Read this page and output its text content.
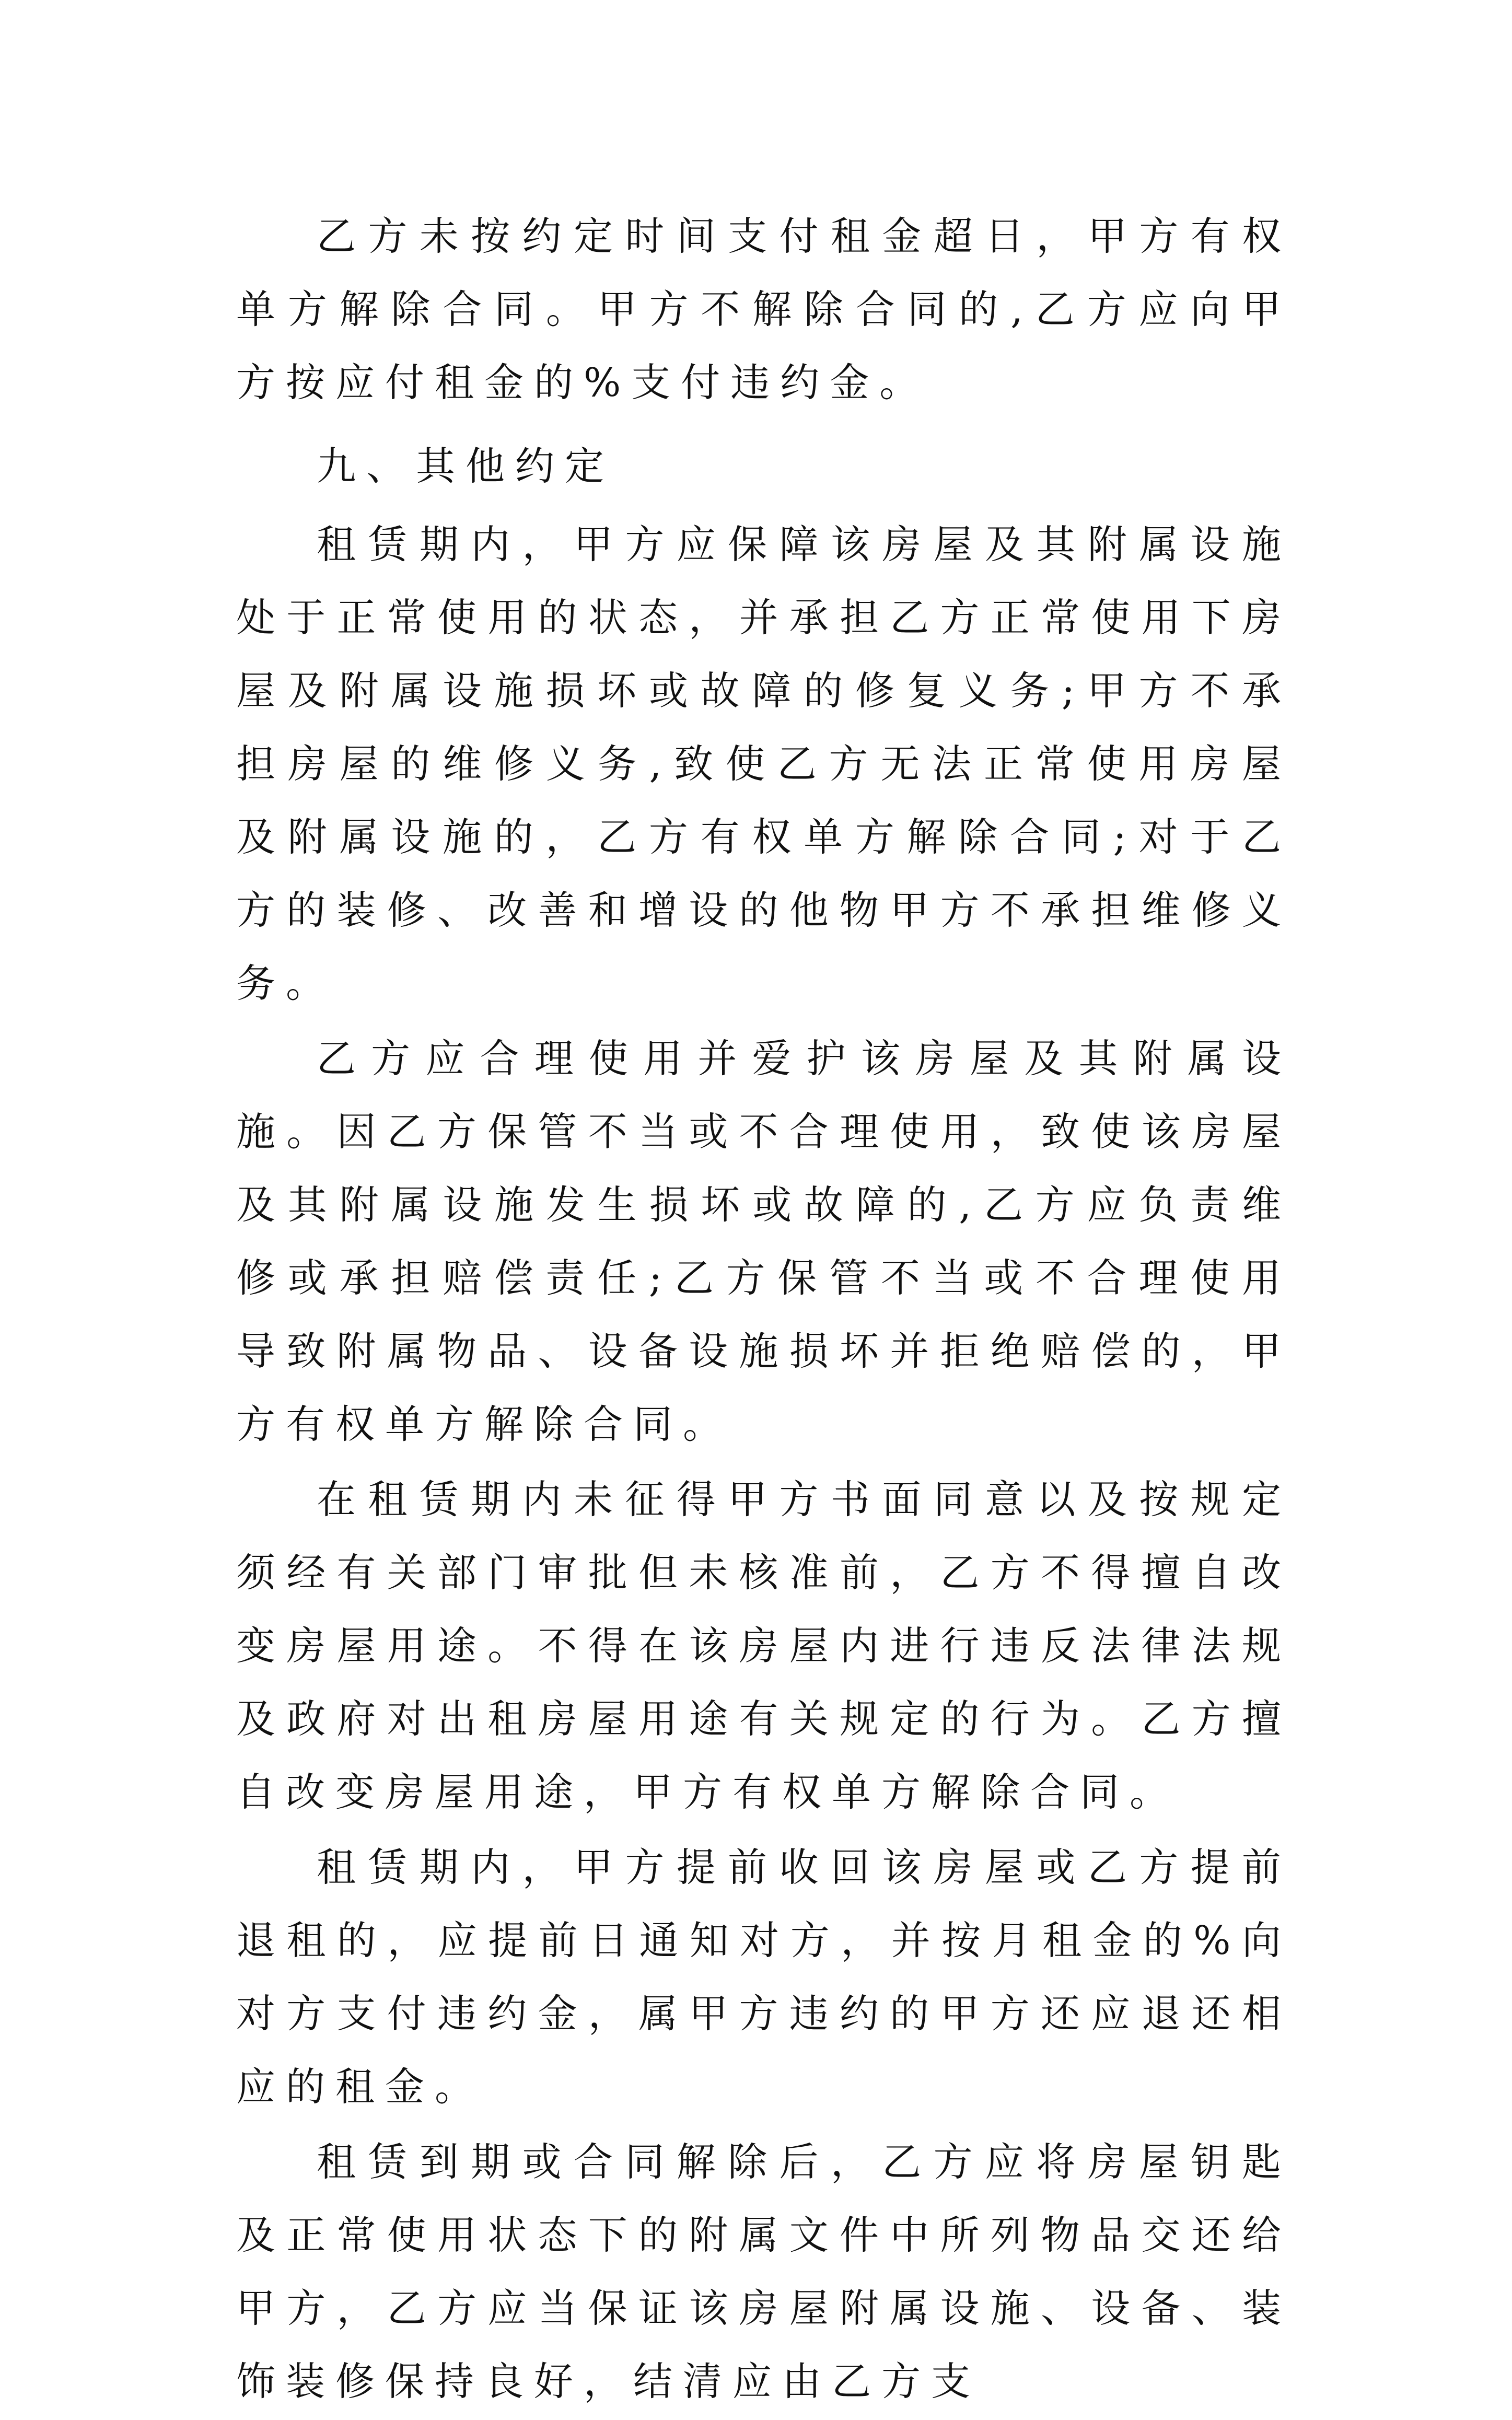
乙方未按约定时间支付租金超日，甲方有权单方解除合同。甲方不解除合同的,乙方应向甲方按应付租金的%支付违约金。

九、其他约定

租赁期内，甲方应保障该房屋及其附属设施处于正常使用的状态，并承担乙方正常使用下房屋及附属设施损坏或故障的修复义务;甲方不承担房屋的维修义务,致使乙方无法正常使用房屋及附属设施的，乙方有权单方解除合同;对于乙方的装修、改善和增设的他物甲方不承担维修义务。

乙方应合理使用并爱护该房屋及其附属设施。因乙方保管不当或不合理使用，致使该房屋及其附属设施发生损坏或故障的,乙方应负责维修或承担赔偿责任;乙方保管不当或不合理使用导致附属物品、设备设施损坏并拒绝赔偿的，甲方有权单方解除合同。

在租赁期内未征得甲方书面同意以及按规定须经有关部门审批但未核准前，乙方不得擅自改变房屋用途。不得在该房屋内进行违反法律法规及政府对出租房屋用途有关规定的行为。乙方擅自改变房屋用途，甲方有权单方解除合同。

租赁期内，甲方提前收回该房屋或乙方提前退租的，应提前日通知对方，并按月租金的%向对方支付违约金，属甲方违约的甲方还应退还相应的租金。

租赁到期或合同解除后，乙方应将房屋钥匙及正常使用状态下的附属文件中所列物品交还给甲方，乙方应当保证该房屋附属设施、设备、装饰装修保持良好，结清应由乙方支
